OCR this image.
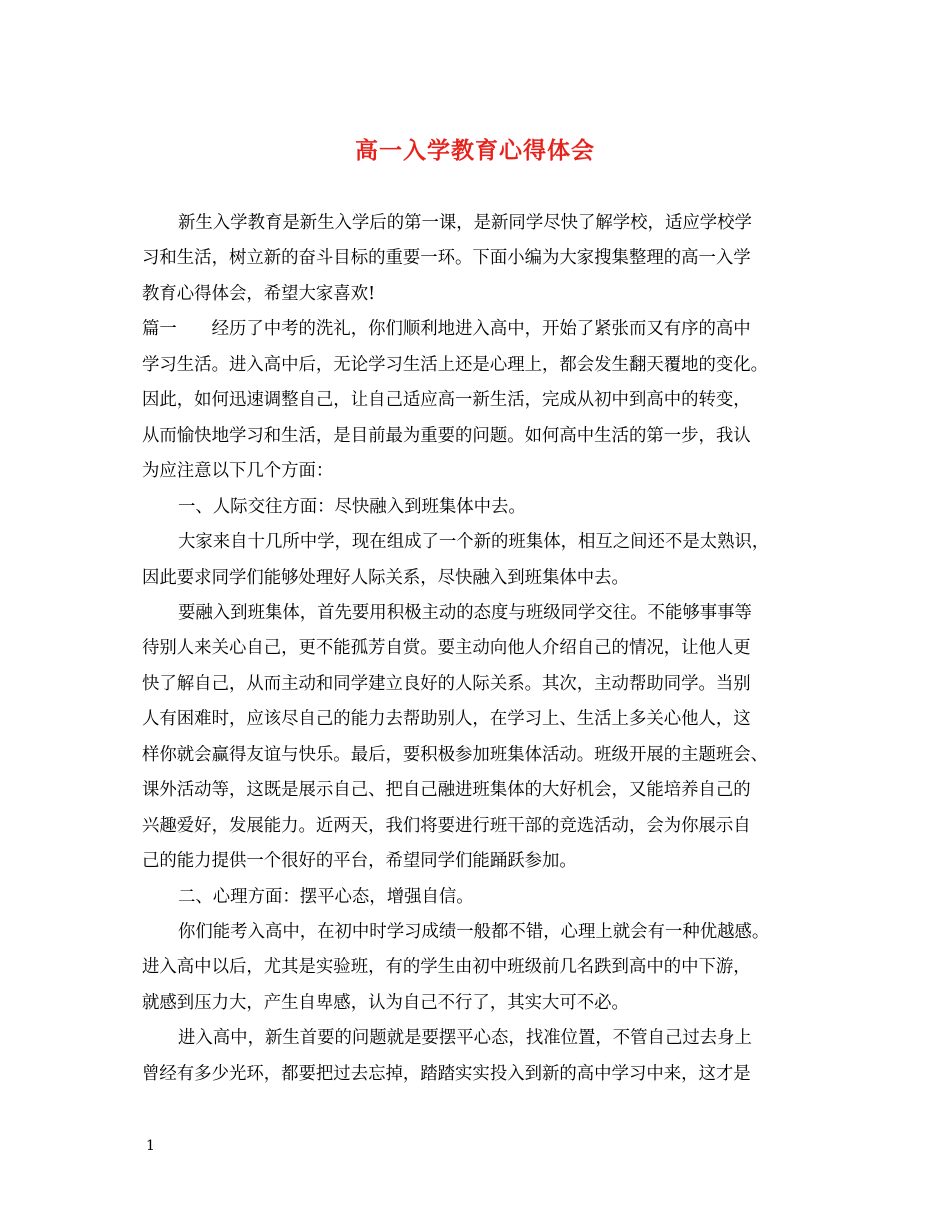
高一入学教育心得体会
新生入学教育是新生入学后的第一课，是新同学尽快了解学校，适应学校学
习和生活，树立新的奋斗目标的重要一环。下面小编为大家搜集整理的高一入学
教育心得体会，希望大家喜欢!
篇一　　经历了中考的洗礼，你们顺利地进入高中，开始了紧张而又有序的高中
学习生活。进入高中后，无论学习生活上还是心理上，都会发生翻天覆地的变化。
因此，如何迅速调整自己，让自己适应高一新生活，完成从初中到高中的转变，
从而愉快地学习和生活，是目前最为重要的问题。如何高中生活的第一步，我认
为应注意以下几个方面：
一、人际交往方面：尽快融入到班集体中去。
大家来自十几所中学，现在组成了一个新的班集体，相互之间还不是太熟识，
因此要求同学们能够处理好人际关系，尽快融入到班集体中去。
要融入到班集体，首先要用积极主动的态度与班级同学交往。不能够事事等
待别人来关心自己，更不能孤芳自赏。要主动向他人介绍自己的情况，让他人更
快了解自己，从而主动和同学建立良好的人际关系。其次，主动帮助同学。当别
人有困难时，应该尽自己的能力去帮助别人，在学习上、生活上多关心他人，这
样你就会赢得友谊与快乐。最后，要积极参加班集体活动。班级开展的主题班会、
课外活动等，这既是展示自己、把自己融进班集体的大好机会，又能培养自己的
兴趣爱好，发展能力。近两天，我们将要进行班干部的竞选活动，会为你展示自
己的能力提供一个很好的平台，希望同学们能踊跃参加。
二、心理方面：摆平心态，增强自信。
你们能考入高中，在初中时学习成绩一般都不错，心理上就会有一种优越感。
进入高中以后，尤其是实验班，有的学生由初中班级前几名跌到高中的中下游，
就感到压力大，产生自卑感，认为自己不行了，其实大可不必。
进入高中，新生首要的问题就是要摆平心态，找准位置，不管自己过去身上
曾经有多少光环，都要把过去忘掉，踏踏实实投入到新的高中学习中来，这才是
1
